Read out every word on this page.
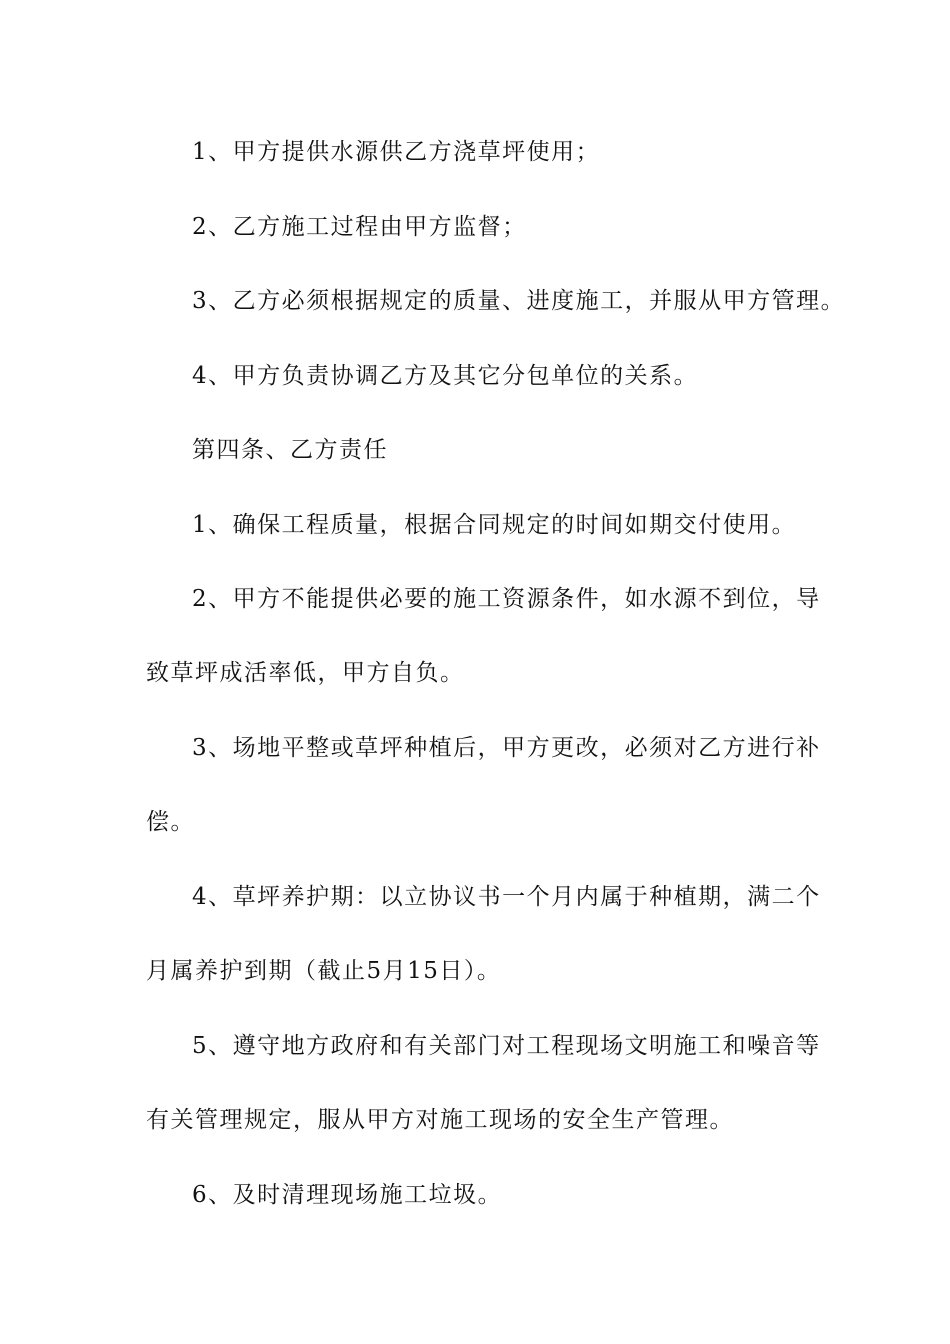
1、甲方提供水源供乙方浇草坪使用；

2、乙方施工过程由甲方监督；

3、乙方必须根据规定的质量、进度施工，并服从甲方管理。

4、甲方负责协调乙方及其它分包单位的关系。

第四条、乙方责任

1、确保工程质量，根据合同规定的时间如期交付使用。

2、甲方不能提供必要的施工资源条件，如水源不到位，导

致草坪成活率低，甲方自负。

3、场地平整或草坪种植后，甲方更改，必须对乙方进行补

偿。

4、草坪养护期：以立协议书一个月内属于种植期，满二个

月属养护到期（截止5月15日）。

5、遵守地方政府和有关部门对工程现场文明施工和噪音等

有关管理规定，服从甲方对施工现场的安全生产管理。

6、及时清理现场施工垃圾。
